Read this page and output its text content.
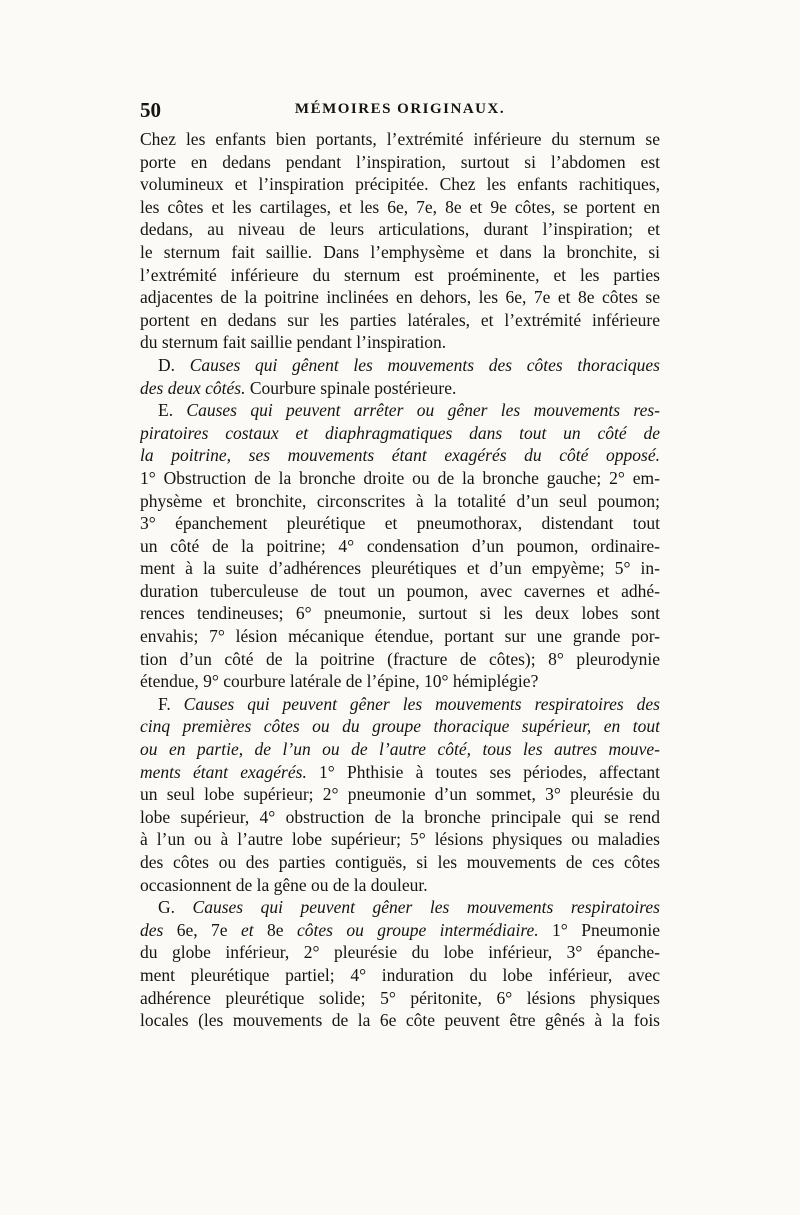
50	MÉMOIRES ORIGINAUX.
Chez les enfants bien portants, l’extrémité inférieure du sternum se
porte en dedans pendant l’inspiration, surtout si l’abdomen est
volumineux et l’inspiration précipitée. Chez les enfants rachitiques,
les côtes et les cartilages, et les 6e, 7e, 8e et 9e côtes, se portent en
dedans, au niveau de leurs articulations, durant l’inspiration; et
le sternum fait saillie. Dans l’emphysème et dans la bronchite, si
l’extrémité inférieure du sternum est proéminente, et les parties
adjacentes de la poitrine inclinées en dehors, les 6e, 7e et 8e côtes se
portent en dedans sur les parties latérales, et l’extrémité inférieure
du sternum fait saillie pendant l’inspiration.
D. Causes qui gênent les mouvements des côtes thoraciques
des deux côtés. Courbure spinale postérieure.
E. Causes qui peuvent arrêter ou gêner les mouvements res-
piratoires costaux et diaphragmatiques dans tout un côté de
la poitrine, ses mouvements étant exagérés du côté opposé.
1° Obstruction de la bronche droite ou de la bronche gauche; 2° em-
physème et bronchite, circonscrites à la totalité d’un seul poumon;
3° épanchement pleurétique et pneumothorax, distendant tout
un côté de la poitrine; 4° condensation d’un poumon, ordinaire-
ment à la suite d’adhérences pleurétiques et d’un empyème; 5° in-
duration tuberculeuse de tout un poumon, avec cavernes et adhé-
rences tendineuses; 6° pneumonie, surtout si les deux lobes sont
envahis; 7° lésion mécanique étendue, portant sur une grande por-
tion d’un côté de la poitrine (fracture de côtes); 8° pleurodynie
étendue, 9° courbure latérale de l’épine, 10° hémiplégie?
F. Causes qui peuvent gêner les mouvements respiratoires des
cinq premières côtes ou du groupe thoracique supérieur, en tout
ou en partie, de l’un ou de l’autre côté, tous les autres mouve-
ments étant exagérés. 1° Phthisie à toutes ses périodes, affectant
un seul lobe supérieur; 2° pneumonie d’un sommet, 3° pleurésie du
lobe supérieur, 4° obstruction de la bronche principale qui se rend
à l’un ou à l’autre lobe supérieur; 5° lésions physiques ou maladies
des côtes ou des parties contiguës, si les mouvements de ces côtes
occasionnent de la gêne ou de la douleur.
G. Causes qui peuvent gêner les mouvements respiratoires
des 6e, 7e et 8e côtes ou groupe intermédiaire. 1° Pneumonie
du globe inférieur, 2° pleurésie du lobe inférieur, 3° épanche-
ment pleurétique partiel; 4° induration du lobe inférieur, avec
adhérence pleurétique solide; 5° péritonite, 6° lésions physiques
locales (les mouvements de la 6e côte peuvent être gênés à la fois
